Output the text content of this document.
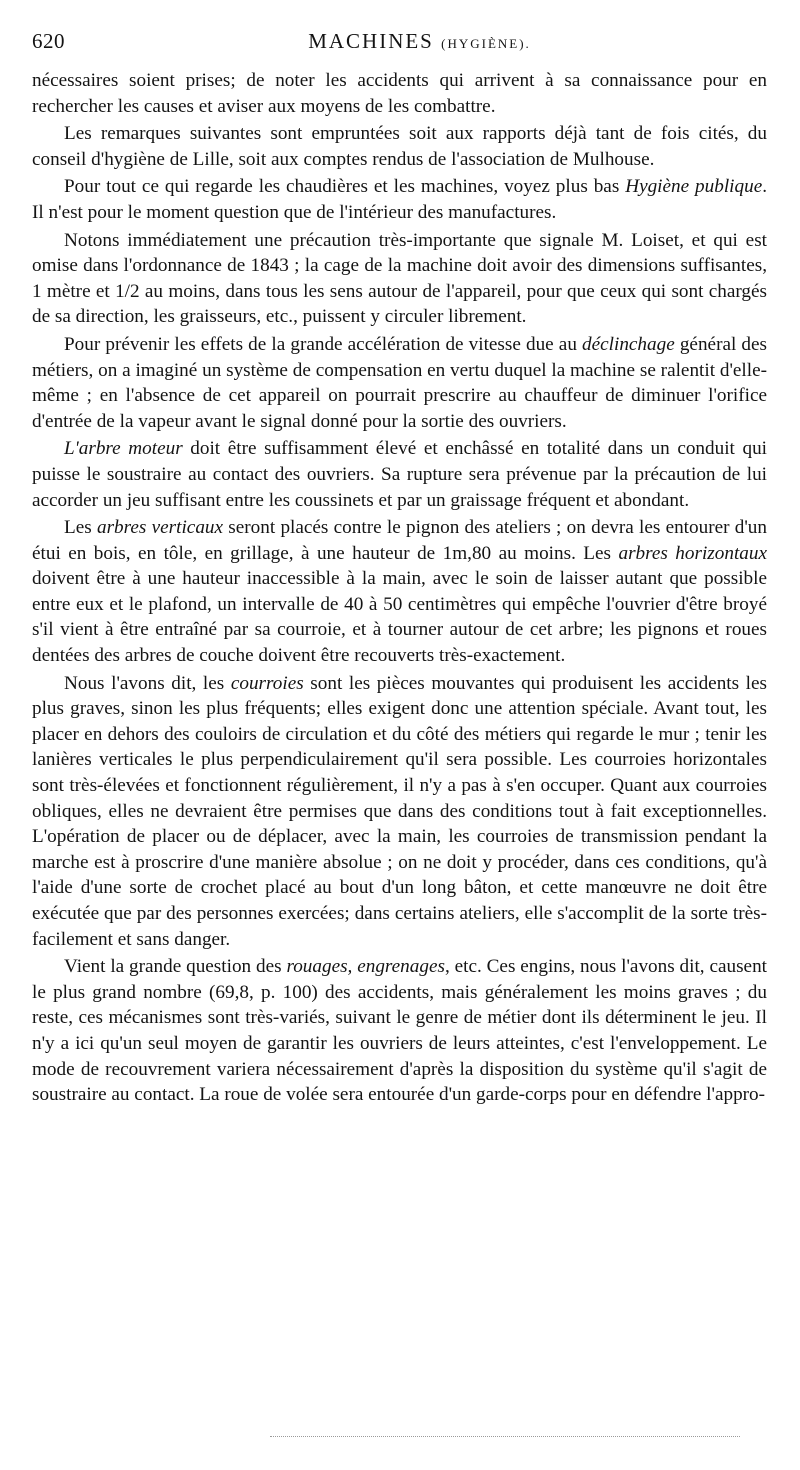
620	MACHINES (HYGIÈNE).

nécessaires soient prises; de noter les accidents qui arrivent à sa connaissance pour en rechercher les causes et aviser aux moyens de les combattre.

Les remarques suivantes sont empruntées soit aux rapports déjà tant de fois cités, du conseil d'hygiène de Lille, soit aux comptes rendus de l'association de Mulhouse.

Pour tout ce qui regarde les chaudières et les machines, voyez plus bas Hygiène publique. Il n'est pour le moment question que de l'intérieur des manufactures.

Notons immédiatement une précaution très-importante que signale M. Loiset, et qui est omise dans l'ordonnance de 1843 ; la cage de la machine doit avoir des dimensions suffisantes, 1 mètre et 1/2 au moins, dans tous les sens autour de l'appareil, pour que ceux qui sont chargés de sa direction, les graisseurs, etc., puissent y circuler librement.

Pour prévenir les effets de la grande accélération de vitesse due au déclinchage général des métiers, on a imaginé un système de compensation en vertu duquel la machine se ralentit d'elle-même ; en l'absence de cet appareil on pourrait prescrire au chauffeur de diminuer l'orifice d'entrée de la vapeur avant le signal donné pour la sortie des ouvriers.

L'arbre moteur doit être suffisamment élevé et enchâssé en totalité dans un conduit qui puisse le soustraire au contact des ouvriers. Sa rupture sera prévenue par la précaution de lui accorder un jeu suffisant entre les coussinets et par un graissage fréquent et abondant.

Les arbres verticaux seront placés contre le pignon des ateliers ; on devra les entourer d'un étui en bois, en tôle, en grillage, à une hauteur de 1m,80 au moins. Les arbres horizontaux doivent être à une hauteur inaccessible à la main, avec le soin de laisser autant que possible entre eux et le plafond, un intervalle de 40 à 50 centimètres qui empêche l'ouvrier d'être broyé s'il vient à être entraîné par sa courroie, et à tourner autour de cet arbre; les pignons et roues dentées des arbres de couche doivent être recouverts très-exactement.

Nous l'avons dit, les courroies sont les pièces mouvantes qui produisent les accidents les plus graves, sinon les plus fréquents; elles exigent donc une attention spéciale. Avant tout, les placer en dehors des couloirs de circulation et du côté des métiers qui regarde le mur ; tenir les lanières verticales le plus perpendiculairement qu'il sera possible. Les courroies horizontales sont très-élevées et fonctionnent régulièrement, il n'y a pas à s'en occuper. Quant aux courroies obliques, elles ne devraient être permises que dans des conditions tout à fait exceptionnelles. L'opération de placer ou de déplacer, avec la main, les courroies de transmission pendant la marche est à proscrire d'une manière absolue ; on ne doit y procéder, dans ces conditions, qu'à l'aide d'une sorte de crochet placé au bout d'un long bâton, et cette manœuvre ne doit être exécutée que par des personnes exercées; dans certains ateliers, elle s'accomplit de la sorte très-facilement et sans danger.

Vient la grande question des rouages, engrenages, etc. Ces engins, nous l'avons dit, causent le plus grand nombre (69,8, p. 100) des accidents, mais généralement les moins graves ; du reste, ces mécanismes sont très-variés, suivant le genre de métier dont ils déterminent le jeu. Il n'y a ici qu'un seul moyen de garantir les ouvriers de leurs atteintes, c'est l'enveloppement. Le mode de recouvrement variera nécessairement d'après la disposition du système qu'il s'agit de soustraire au contact. La roue de volée sera entourée d'un garde-corps pour en défendre l'appro-
